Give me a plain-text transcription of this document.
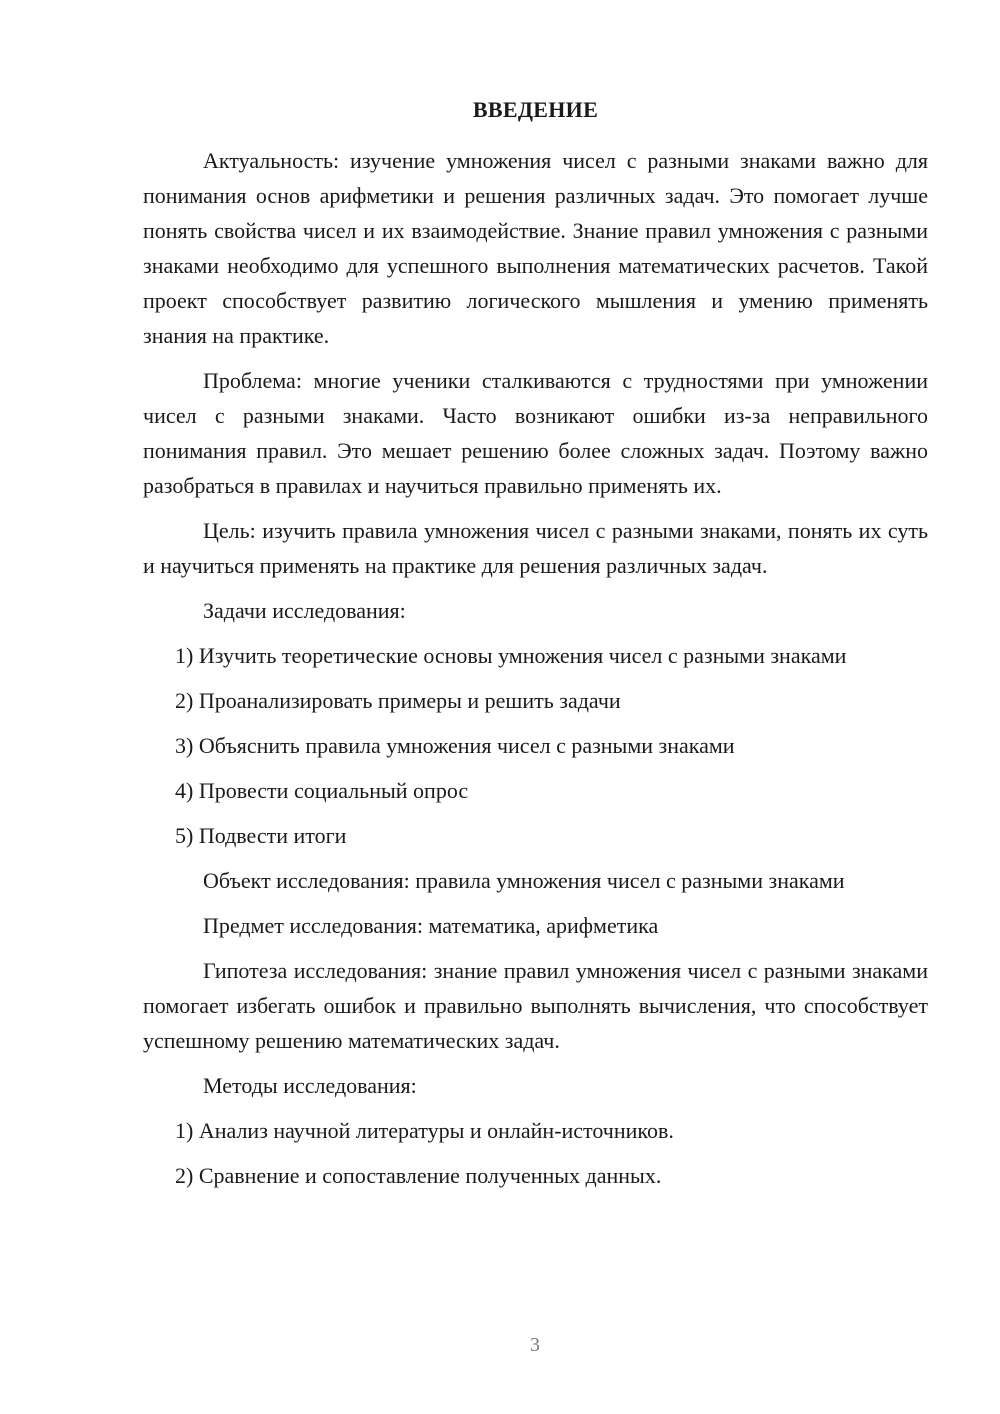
ВВЕДЕНИЕ

Актуальность: изучение умножения чисел с разными знаками важно для понимания основ арифметики и решения различных задач. Это помогает лучше понять свойства чисел и их взаимодействие. Знание правил умножения с разными знаками необходимо для успешного выполнения математических расчетов. Такой проект способствует развитию логического мышления и умению применять знания на практике.

Проблема: многие ученики сталкиваются с трудностями при умножении чисел с разными знаками. Часто возникают ошибки из-за неправильного понимания правил. Это мешает решению более сложных задач. Поэтому важно разобраться в правилах и научиться правильно применять их.

Цель: изучить правила умножения чисел с разными знаками, понять их суть и научиться применять на практике для решения различных задач.

Задачи исследования:
1) Изучить теоретические основы умножения чисел с разными знаками
2) Проанализировать примеры и решить задачи
3) Объяснить правила умножения чисел с разными знаками
4) Провести социальный опрос
5) Подвести итоги
Объект исследования: правила умножения чисел с разными знаками
Предмет исследования: математика, арифметика

Гипотеза исследования: знание правил умножения чисел с разными знаками помогает избегать ошибок и правильно выполнять вычисления, что способствует успешному решению математических задач.

Методы исследования:
1) Анализ научной литературы и онлайн-источников.
2) Сравнение и сопоставление полученных данных.
3
